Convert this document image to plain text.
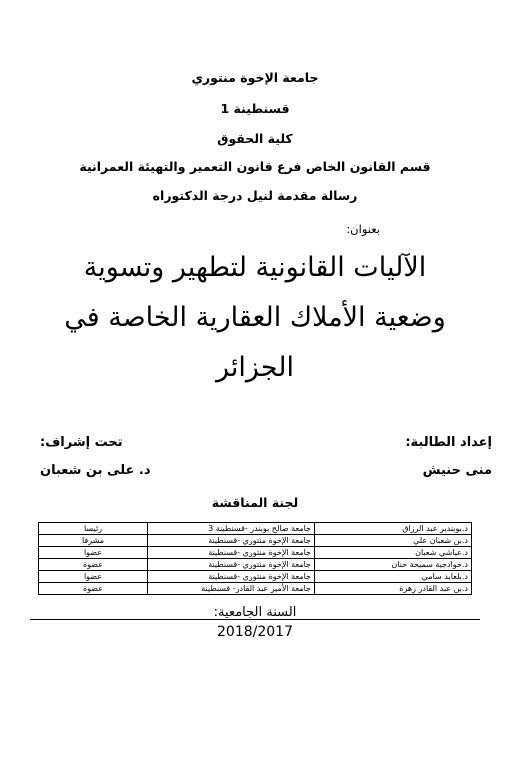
جامعة الإخوة منتوري
قسنطينة 1
كلية الحقوق
قسم القانون الخاص فرع قانون التعمير والتهيئة العمرانية
رسالة مقدمة لنيل درجة الدكتوراه
بعنوان:
الآليات القانونية لتطهير وتسوية
وضعية الأملاك العقارية الخاصة في
الجزائر
إعداد الطالبة:
منى حنيش
تحت إشراف:
د. على بن شعبان
لجنة المناقشة
د.بوبندير عبد الرزاق	جامعة صالح بوبندر -قسنطينة 3	رئيسا
د.بن شعبان علي	جامعة الإخوة منتوري -قسنطينة	مشرفا
د.عياشي شعبان	جامعة الإخوة منتوري -قسنطينة	عضوا
د.خوادجية سميحة حنان	جامعة الإخوة منتوري -قسنطينة	عضوة
د.بلعايد سامي	جامعة الإخوة منتوري -قسنطينة	عضوا
د.بن عبد القادر زهرة	جامعة الأمير عبد القادر- قسنطينة	عضوة
السنة الجامعية:
2018/2017
